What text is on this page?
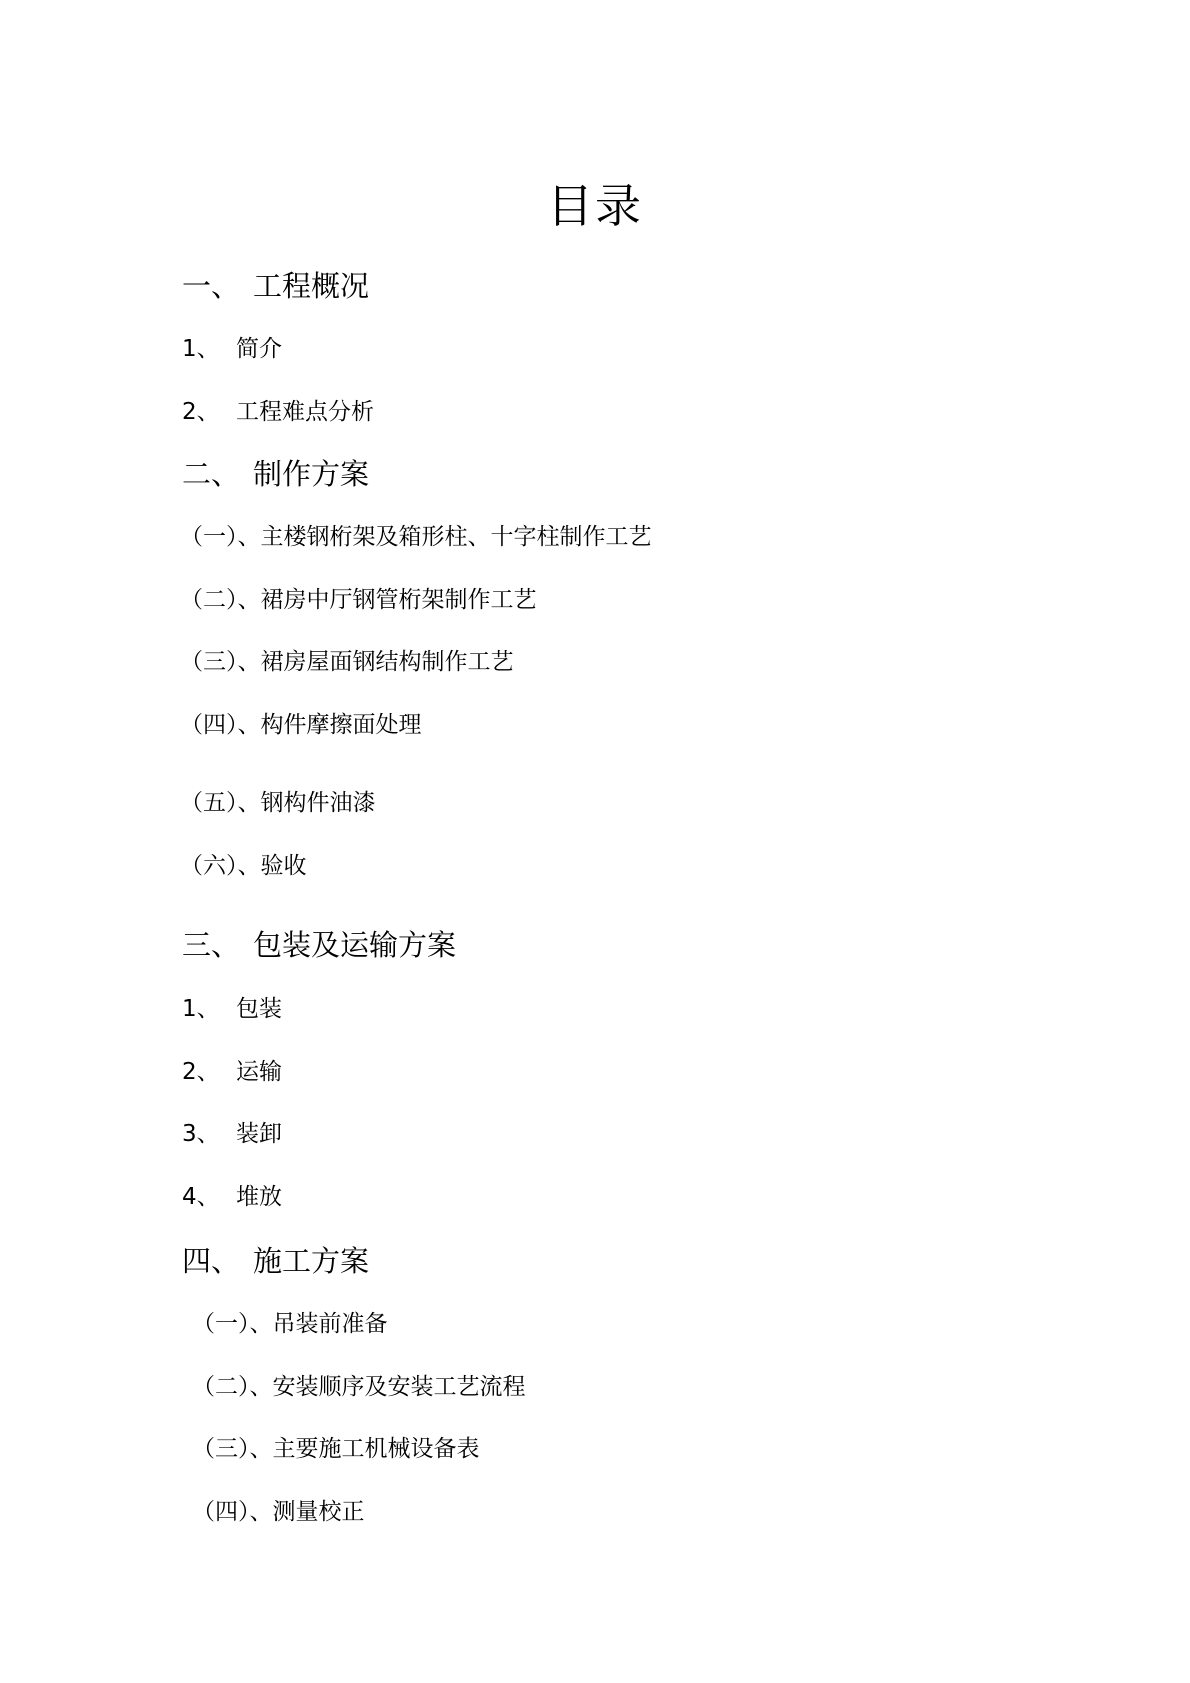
目录
一、 工程概况
1、 简介
2、 工程难点分析
二、 制作方案
（一）、主楼钢桁架及箱形柱、十字柱制作工艺
（二）、裙房中厅钢管桁架制作工艺
（三）、裙房屋面钢结构制作工艺
（四）、构件摩擦面处理
（五）、钢构件油漆
（六）、验收
三、 包装及运输方案
1、 包装
2、 运输
3、 装卸
4、 堆放
四、 施工方案
（一）、吊装前准备
（二）、安装顺序及安装工艺流程
（三）、主要施工机械设备表
（四）、测量校正
